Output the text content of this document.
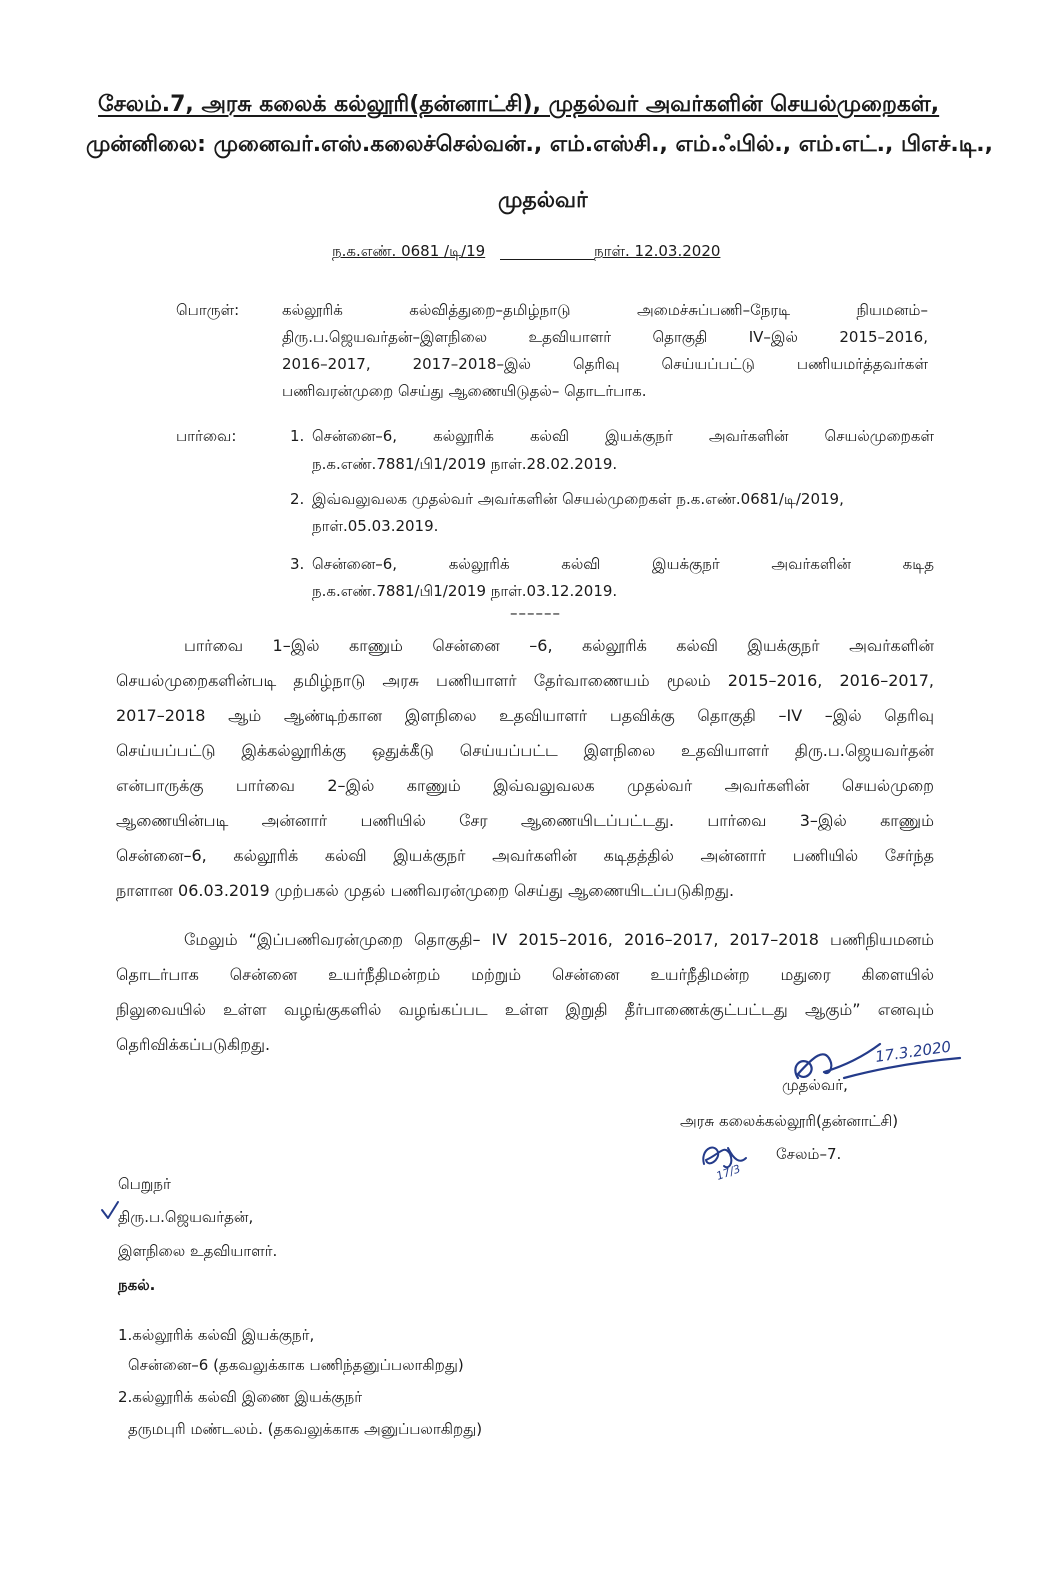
சேலம்.7, அரசு கலைக் கல்லூரி(தன்னாட்சி), முதல்வர் அவர்களின் செயல்முறைகள்,
முன்னிலை: முனைவர்.எஸ்.கலைச்செல்வன்., எம்.எஸ்சி., எம்.ஃபில்., எம்.எட்., பிஎச்.டி.,
முதல்வர்
ந.க.எண். 0681 /டி/19	நாள். 12.03.2020
பொருள்:	கல்லூரிக் கல்வித்துறை–தமிழ்நாடு அமைச்சுப்பணி–நேரடி நியமனம்–
திரு.ப.ஜெயவர்தன்–இளநிலை உதவியாளர் தொகுதி IV–இல் 2015–2016,
2016–2017, 2017–2018–இல் தெரிவு செய்யப்பட்டு பணியமர்த்தவர்கள்
பணிவரன்முறை செய்து ஆணையிடுதல்– தொடர்பாக.
பார்வை:	1. சென்னை–6, கல்லூரிக் கல்வி இயக்குநர் அவர்களின் செயல்முறைகள்
ந.க.எண்.7881/பி1/2019 நாள்.28.02.2019.
2. இவ்வலுவலக முதல்வர் அவர்களின் செயல்முறைகள் ந.க.எண்.0681/டி/2019,
நாள்.05.03.2019.
3. சென்னை–6, கல்லூரிக் கல்வி இயக்குநர் அவர்களின் கடித
ந.க.எண்.7881/பி1/2019 நாள்.03.12.2019.
––––––
பார்வை 1–இல் காணும் சென்னை –6, கல்லூரிக் கல்வி இயக்குநர் அவர்களின்
செயல்முறைகளின்படி தமிழ்நாடு அரசு பணியாளர் தேர்வாணையம் மூலம் 2015–2016, 2016–2017,
2017–2018 ஆம் ஆண்டிற்கான இளநிலை உதவியாளர் பதவிக்கு தொகுதி –IV –இல் தெரிவு
செய்யப்பட்டு இக்கல்லூரிக்கு ஒதுக்கீடு செய்யப்பட்ட இளநிலை உதவியாளர் திரு.ப.ஜெயவர்தன்
என்பாருக்கு பார்வை 2–இல் காணும் இவ்வலுவலக முதல்வர் அவர்களின் செயல்முறை
ஆணையின்படி அன்னார் பணியில் சேர ஆணையிடப்பட்டது. பார்வை 3–இல் காணும்
சென்னை–6, கல்லூரிக் கல்வி இயக்குநர் அவர்களின் கடிதத்தில் அன்னார் பணியில் சேர்ந்த
நாளான 06.03.2019 முற்பகல் முதல் பணிவரன்முறை செய்து ஆணையிடப்படுகிறது.
மேலும் “இப்பணிவரன்முறை தொகுதி– IV 2015–2016, 2016–2017, 2017–2018 பணிநியமனம்
தொடர்பாக சென்னை உயர்நீதிமன்றம் மற்றும் சென்னை உயர்நீதிமன்ற மதுரை கிளையில்
நிலுவையில் உள்ள வழங்குகளில் வழங்கப்பட உள்ள இறுதி தீர்பாணைக்குட்பட்டது ஆகும்” எனவும்
தெரிவிக்கப்படுகிறது.	17.3.2020
முதல்வர்,
அரசு கலைக்கல்லூரி(தன்னாட்சி)
17/3
சேலம்–7.
பெறுநர்
திரு.ப.ஜெயவர்தன்,
இளநிலை உதவியாளர்.
நகல்.
1.கல்லூரிக் கல்வி இயக்குநர்,
சென்னை–6 (தகவலுக்காக பணிந்தனுப்பலாகிறது)
2.கல்லூரிக் கல்வி இணை இயக்குநர்
தருமபுரி மண்டலம். (தகவலுக்காக அனுப்பலாகிறது)
